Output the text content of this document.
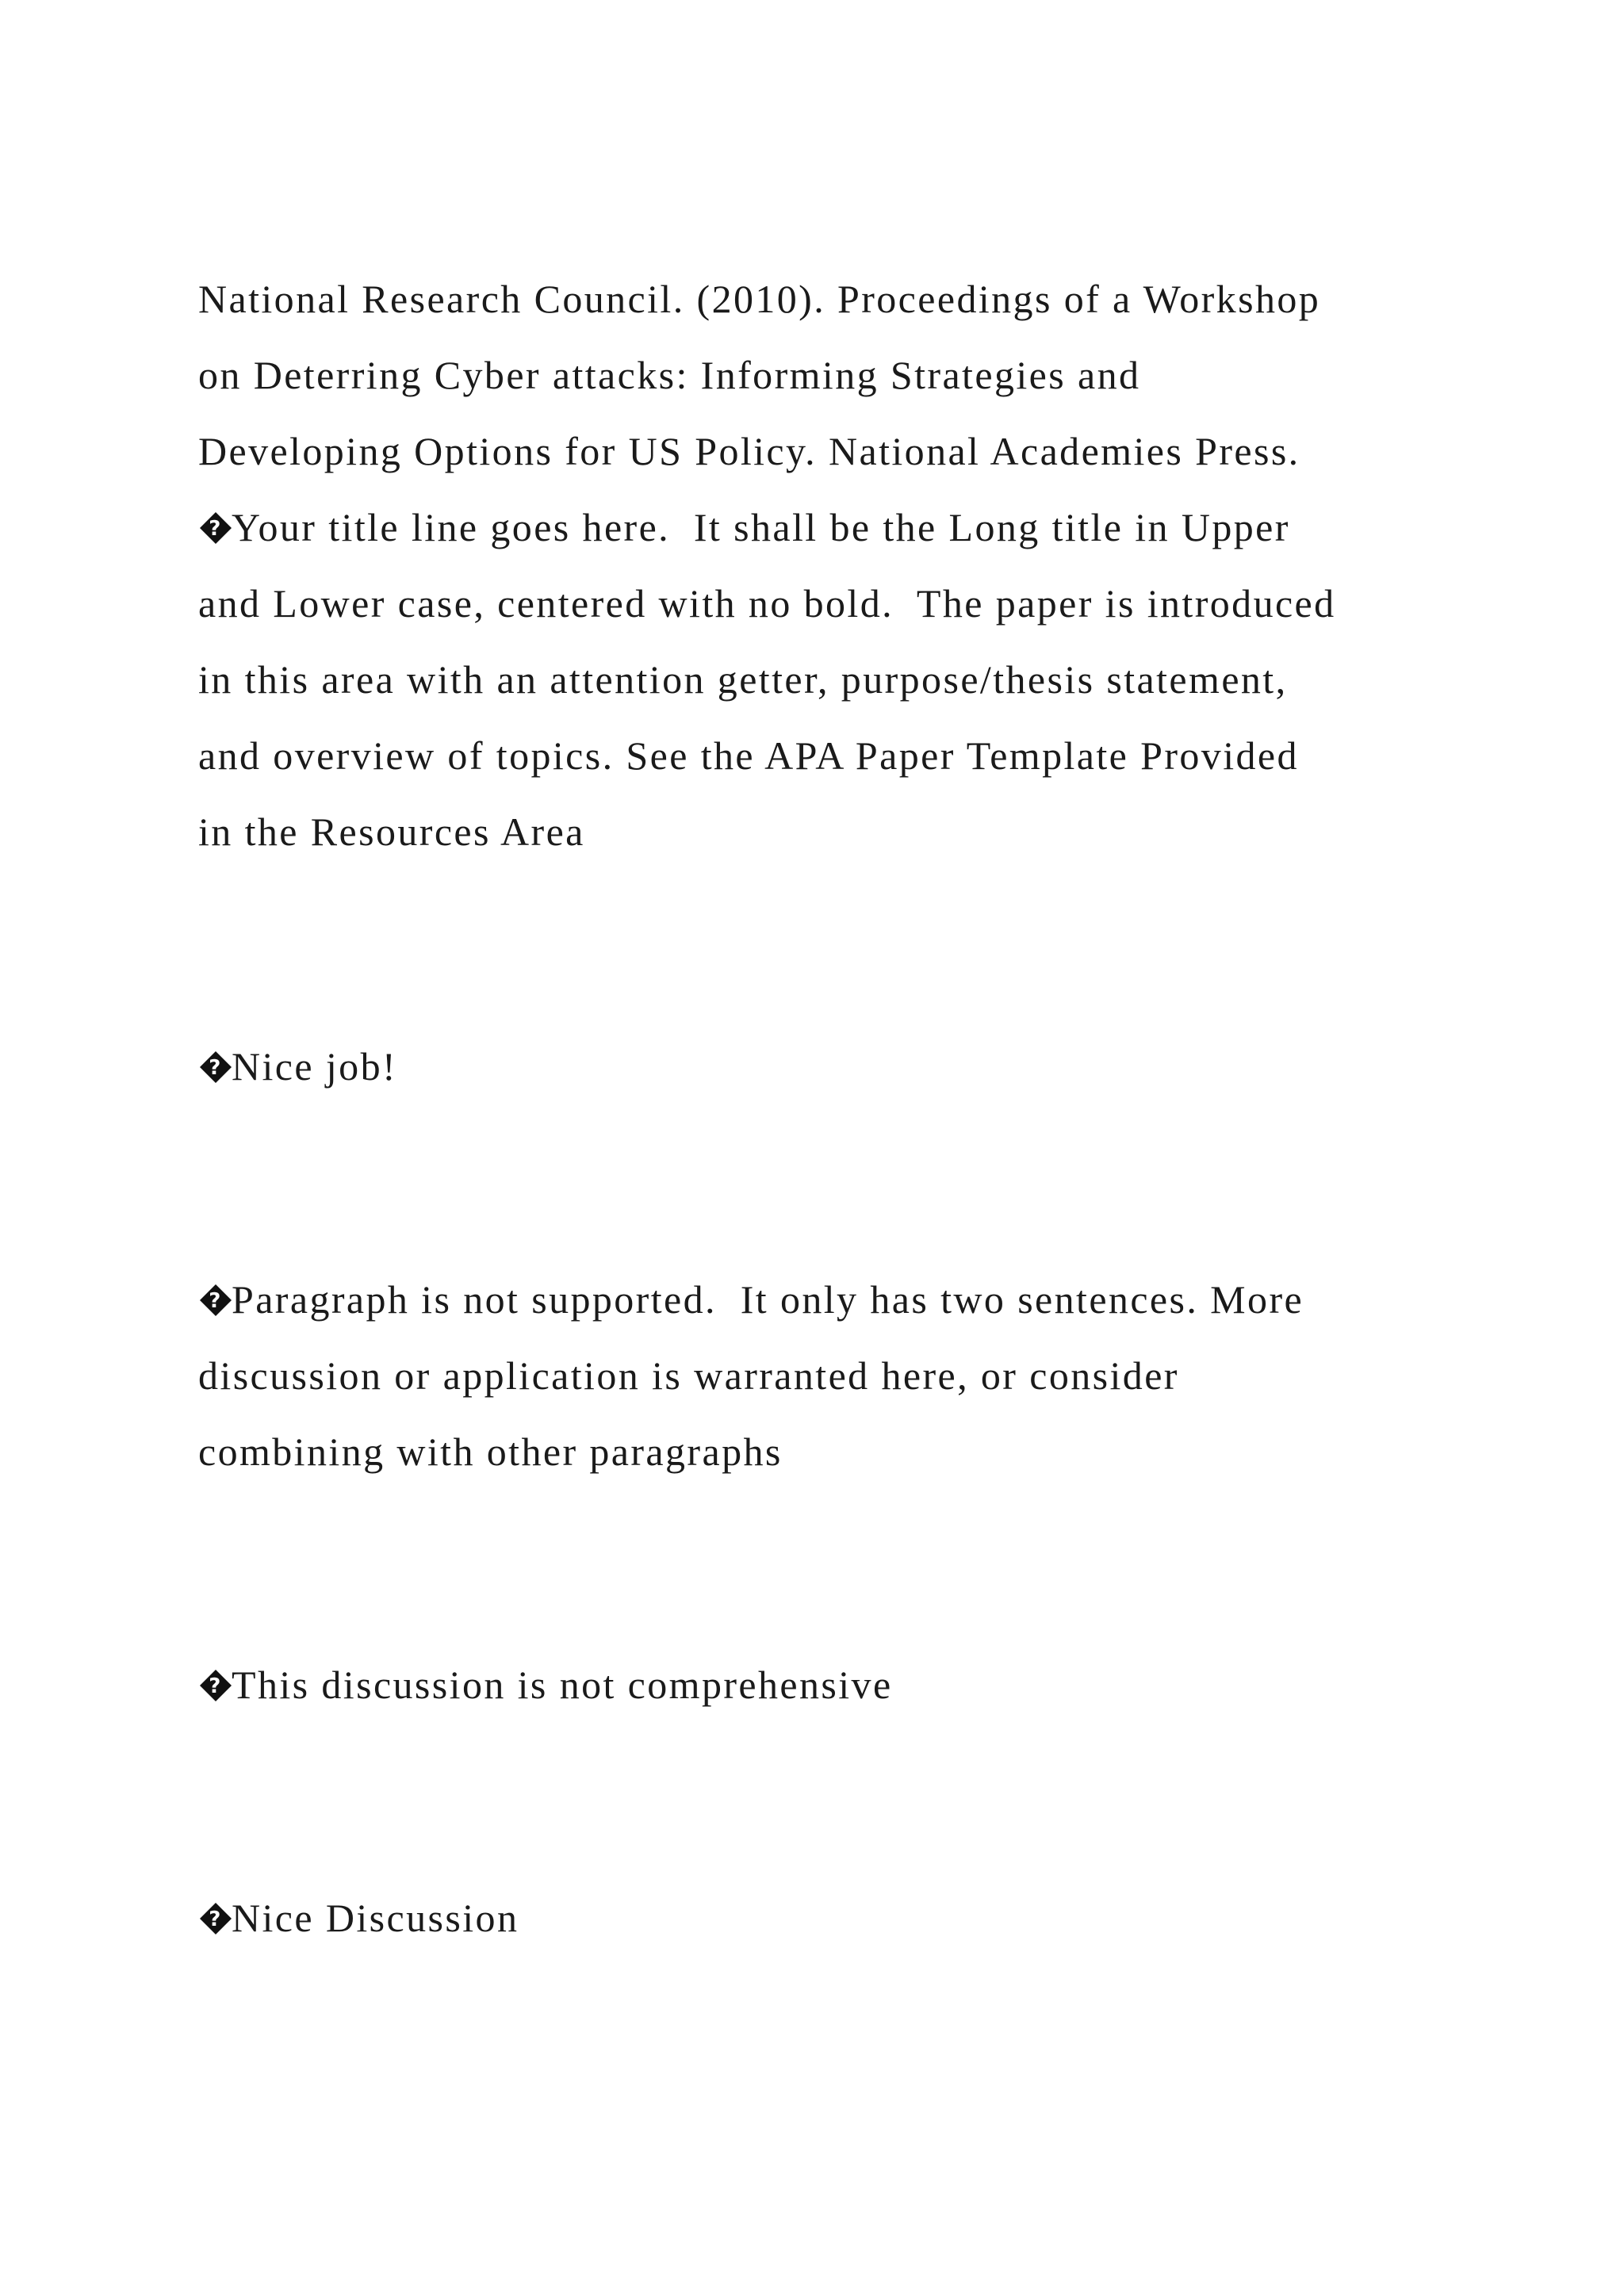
National Research Council. (2010). Proceedings of a Workshop
on Deterring Cyber attacks: Informing Strategies and
Developing Options for US Policy. National Academies Press.
? Your title line goes here.  It shall be the Long title in Upper
and Lower case, centered with no bold.  The paper is introduced
in this area with an attention getter, purpose/thesis statement,
and overview of topics. See the APA Paper Template Provided
in the Resources Area
? Nice job!
? Paragraph is not supported.  It only has two sentences. More
discussion or application is warranted here, or consider
combining with other paragraphs
? This discussion is not comprehensive
? Nice Discussion
